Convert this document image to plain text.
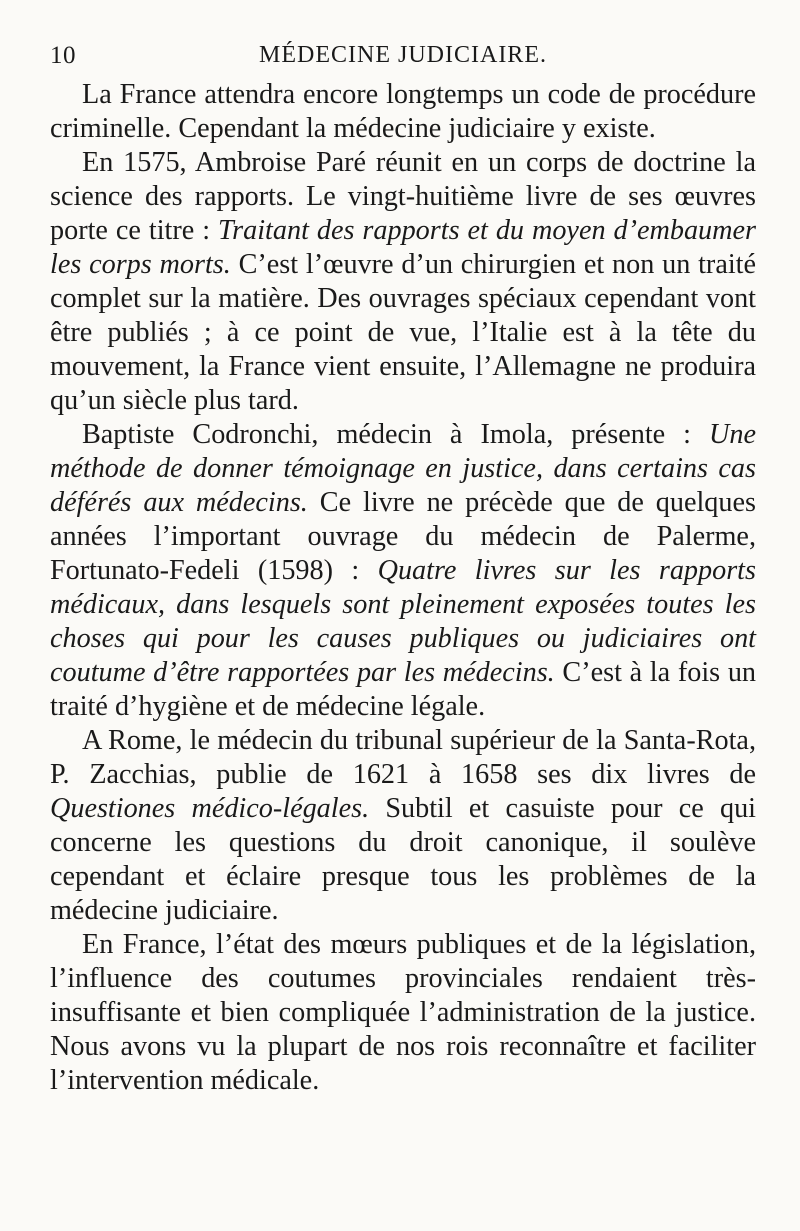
10	MÉDECINE JUDICIAIRE.

La France attendra encore longtemps un code de procédure criminelle. Cependant la médecine judiciaire y existe.

En 1575, Ambroise Paré réunit en un corps de doctrine la science des rapports. Le vingt-huitième livre de ses œuvres porte ce titre : Traitant des rapports et du moyen d’embaumer les corps morts. C’est l’œuvre d’un chirurgien et non un traité complet sur la matière. Des ouvrages spéciaux cependant vont être publiés ; à ce point de vue, l’Italie est à la tête du mouvement, la France vient ensuite, l’Allemagne ne produira qu’un siècle plus tard.

Baptiste Codronchi, médecin à Imola, présente : Une méthode de donner témoignage en justice, dans certains cas déférés aux médecins. Ce livre ne précède que de quelques années l’important ouvrage du médecin de Palerme, Fortunato-Fedeli (1598) : Quatre livres sur les rapports médicaux, dans lesquels sont pleinement exposées toutes les choses qui pour les causes publiques ou judiciaires ont coutume d’être rapportées par les médecins. C’est à la fois un traité d’hygiène et de médecine légale.

A Rome, le médecin du tribunal supérieur de la Santa-Rota, P. Zacchias, publie de 1621 à 1658 ses dix livres de Questiones médico-légales. Subtil et casuiste pour ce qui concerne les questions du droit canonique, il soulève cependant et éclaire presque tous les problèmes de la médecine judiciaire.

En France, l’état des mœurs publiques et de la législation, l’influence des coutumes provinciales rendaient très-insuffisante et bien compliquée l’administration de la justice. Nous avons vu la plupart de nos rois reconnaître et faciliter l’intervention médicale.
